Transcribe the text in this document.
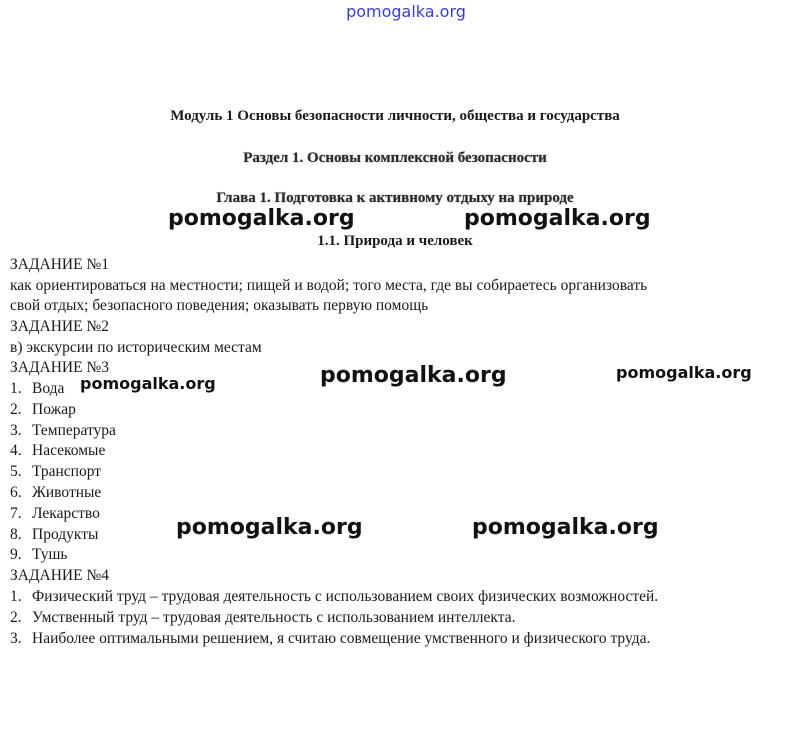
pomogalka.org
Модуль 1 Основы безопасности личности, общества и государства
Раздел 1. Основы комплексной безопасности
Глава 1. Подготовка к активному отдыху на природе
1.1. Природа и человек
pomogalka.org	pomogalka.org
pomogalka.org	pomogalka.org	pomogalka.org
pomogalka.org	pomogalka.org
ЗАДАНИЕ №1
как ориентироваться на местности; пищей и водой; того места, где вы собираетесь организовать
свой отдых; безопасного поведения; оказывать первую помощь
ЗАДАНИЕ №2
в) экскурсии по историческим местам
ЗАДАНИЕ №3
1. Вода
2. Пожар
3. Температура
4. Насекомые
5. Транспорт
6. Животные
7. Лекарство
8. Продукты
9. Тушь
ЗАДАНИЕ №4
1. Физический труд – трудовая деятельность с использованием своих физических возможностей.
2. Умственный труд – трудовая деятельность с использованием интеллекта.
3. Наиболее оптимальными решением, я считаю совмещение умственного и физического труда.
